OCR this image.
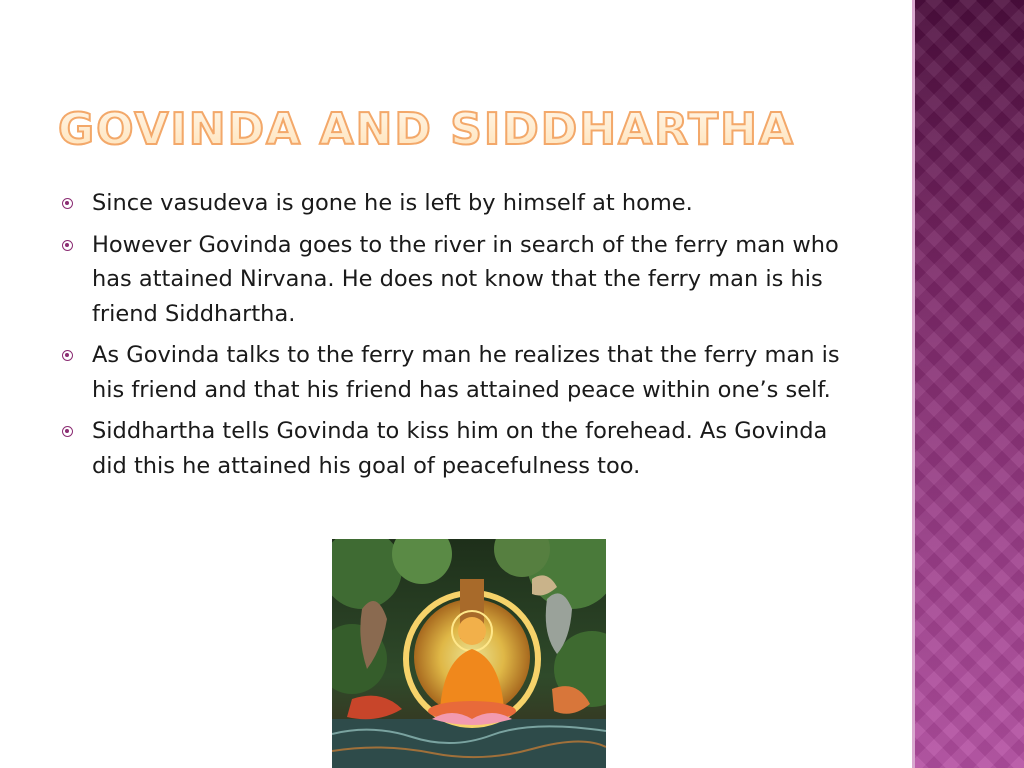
GOVINDA AND SIDDHARTHA
Since vasudeva is gone he is left by himself at home.
However Govinda goes to the river in search of the ferry man who has attained Nirvana. He does not know that the ferry man is his friend Siddhartha.
As Govinda talks to the ferry man he realizes that the ferry man is his friend and that his friend has attained peace within one’s self.
Siddhartha tells Govinda to kiss him on the forehead. As Govinda did this he attained his goal of peacefulness too.
